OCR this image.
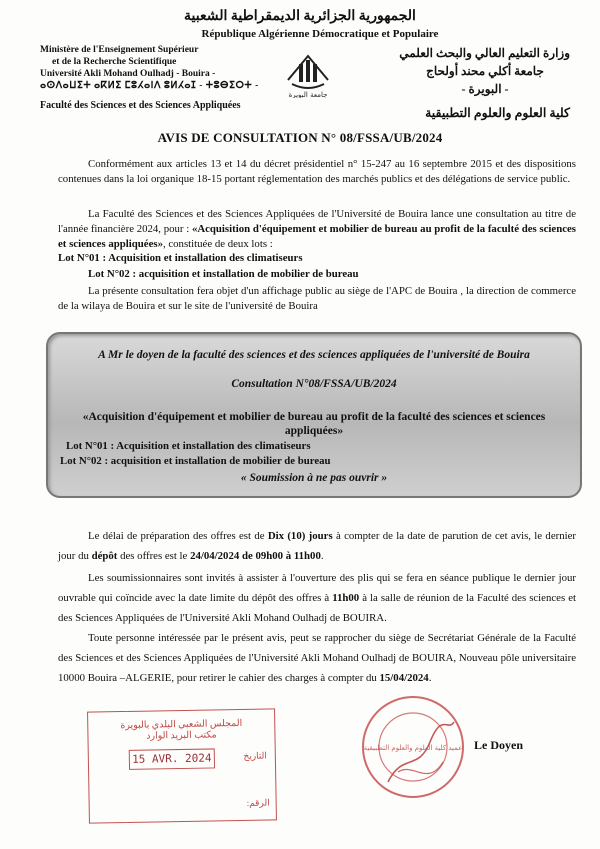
الجمهورية الجزائرية الديمقراطية الشعبية
République Algérienne Démocratique et Populaire
Ministère de l'Enseignement Supérieur
et de la Recherche Scientifique
Université Akli Mohand Oulhadj - Bouira -
ⴰⵙⴷⴰⵡⵉⵜ ⴰⴽⵍⵉ ⵎⵓⵃⴰⵏⴷ ⵓⵍⵃⴰⵊ - ⵜⵓⴱⵉⵔⵜ -
Faculté des Sciences et des Sciences Appliquées
جامعة البويرة
وزارة التعليم العالي والبحث العلمي
جامعة أكلي محند أولحاج
- البويرة -
كلية العلوم والعلوم التطبيقية
AVIS DE CONSULTATION N° 08/FSSA/UB/2024
Conformément aux articles 13 et 14 du décret présidentiel n° 15-247 au 16 septembre 2015 et des dispositions contenues dans la loi organique 18-15 portant réglementation des marchés publics et des délégations de service public.
La Faculté des Sciences et des Sciences Appliquées de l'Université de Bouira lance une consultation au titre de l'année financière 2024, pour : «Acquisition d'équipement et mobilier de bureau au profit de la faculté des sciences et sciences appliquées», constituée de deux lots :
Lot N°01 : Acquisition et installation des climatiseurs
Lot N°02 : acquisition et installation de mobilier de bureau
La présente consultation fera objet d'un affichage public au siège de l'APC de Bouira , la direction de commerce de la wilaya de Bouira et sur le site de l'université de Bouira
A Mr le doyen de la faculté des sciences et des sciences appliquées de l'université de Bouira
Consultation N°08/FSSA/UB/2024
«Acquisition d'équipement et mobilier de bureau au profit de la faculté des sciences et sciences appliquées»
Lot N°01 : Acquisition et installation des climatiseurs
Lot N°02 : acquisition et installation de mobilier de bureau
« Soumission à ne pas ouvrir »
Le délai de préparation des offres est de Dix (10) jours à compter de la date de parution de cet avis, le dernier jour du dépôt des offres est le 24/04/2024 de 09h00 à 11h00.
Les soumissionnaires sont invités à assister à l'ouverture des plis qui se fera en séance publique le dernier jour ouvrable qui coïncide avec la date limite du dépôt des offres à 11h00 à la salle de réunion de la Faculté des sciences et des Sciences Appliquées de l'Université Akli Mohand Oulhadj de BOUIRA.
Toute personne intéressée par le présent avis, peut se rapprocher du siège de Secrétariat Générale de la Faculté des Sciences et des Sciences Appliquées de l'Université Akli Mohand Oulhadj de BOUIRA, Nouveau pôle universitaire 10000 Bouira –ALGERIE, pour retirer le cahier des charges à compter du 15/04/2024.
المجلس الشعبي البلدي بالبويرة
مكتب البريد الوارد
التاريخ
15 AVR. 2024
الرقم:
عميد كلية العلوم والعلوم التطبيقية Le Doyen
